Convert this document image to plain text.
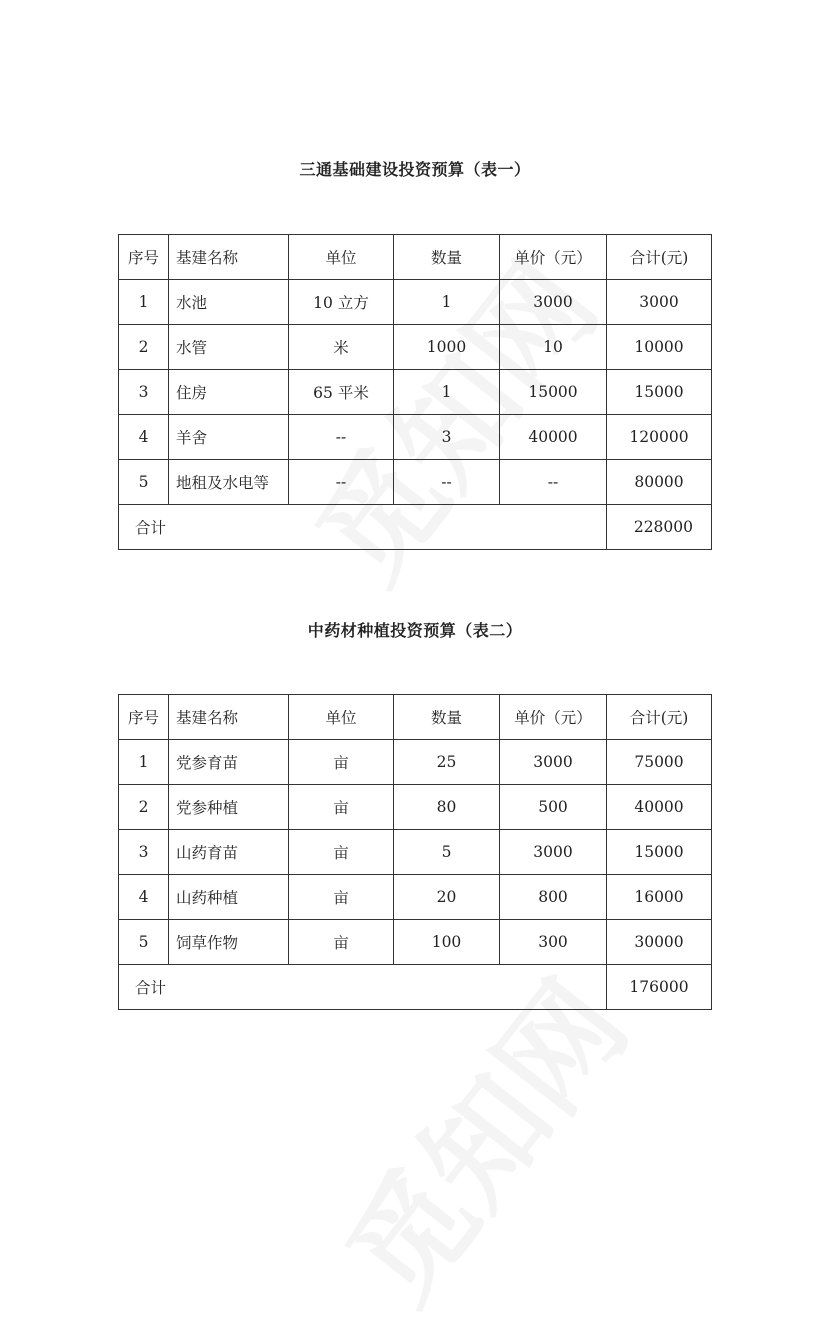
三通基础建设投资预算（表一）
序号	基建名称	单位	数量	单价（元）	合计(元)
1	水池	10 立方	1	3000	3000
2	水管	米	1000	10	10000
3	住房	65 平米	1	15000	15000
4	羊舍	--	3	40000	120000
5	地租及水电等	--	--	--	80000
合计					228000
中药材种植投资预算（表二）
序号	基建名称	单位	数量	单价（元）	合计(元)
1	党参育苗	亩	25	3000	75000
2	党参种植	亩	80	500	40000
3	山药育苗	亩	5	3000	15000
4	山药种植	亩	20	800	16000
5	饲草作物	亩	100	300	30000
合计					176000
